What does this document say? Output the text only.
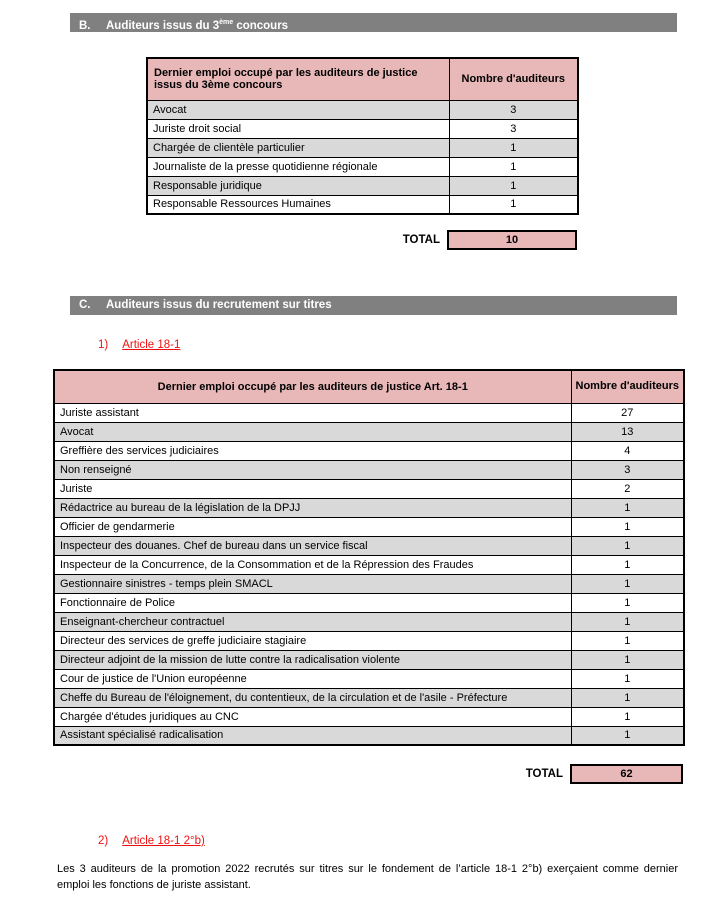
B. Auditeurs issus du 3ème concours
Dernier emploi occupé par les auditeurs de justice issus du 3ème concours	Nombre d'auditeurs
Avocat	3
Juriste droit social	3
Chargée de clientèle particulier	1
Journaliste de la presse quotidienne régionale	1
Responsable juridique	1
Responsable Ressources Humaines	1
TOTAL	10
C. Auditeurs issus du recrutement sur titres
1) Article 18-1
Dernier emploi occupé par les auditeurs de justice Art. 18-1	Nombre d'auditeurs
Juriste assistant	27
Avocat	13
Greffière des services judiciaires	4
Non renseigné	3
Juriste	2
Rédactrice au bureau de la législation de la DPJJ	1
Officier de gendarmerie	1
Inspecteur des douanes. Chef de bureau dans un service fiscal	1
Inspecteur de la Concurrence, de la Consommation et de la Répression des Fraudes	1
Gestionnaire sinistres - temps plein SMACL	1
Fonctionnaire de Police	1
Enseignant-chercheur contractuel	1
Directeur des services de greffe judiciaire stagiaire	1
Directeur adjoint de la mission de lutte contre la radicalisation violente	1
Cour de justice de l'Union européenne	1
Cheffe du Bureau de l'éloignement, du contentieux, de la circulation et de l'asile - Préfecture	1
Chargée d'études juridiques au CNC	1
Assistant spécialisé radicalisation	1
TOTAL	62
2) Article 18-1 2°b)

Les 3 auditeurs de la promotion 2022 recrutés sur titres sur le fondement de l’article 18-1 2°b) exerçaient comme dernier emploi les fonctions de juriste assistant.
